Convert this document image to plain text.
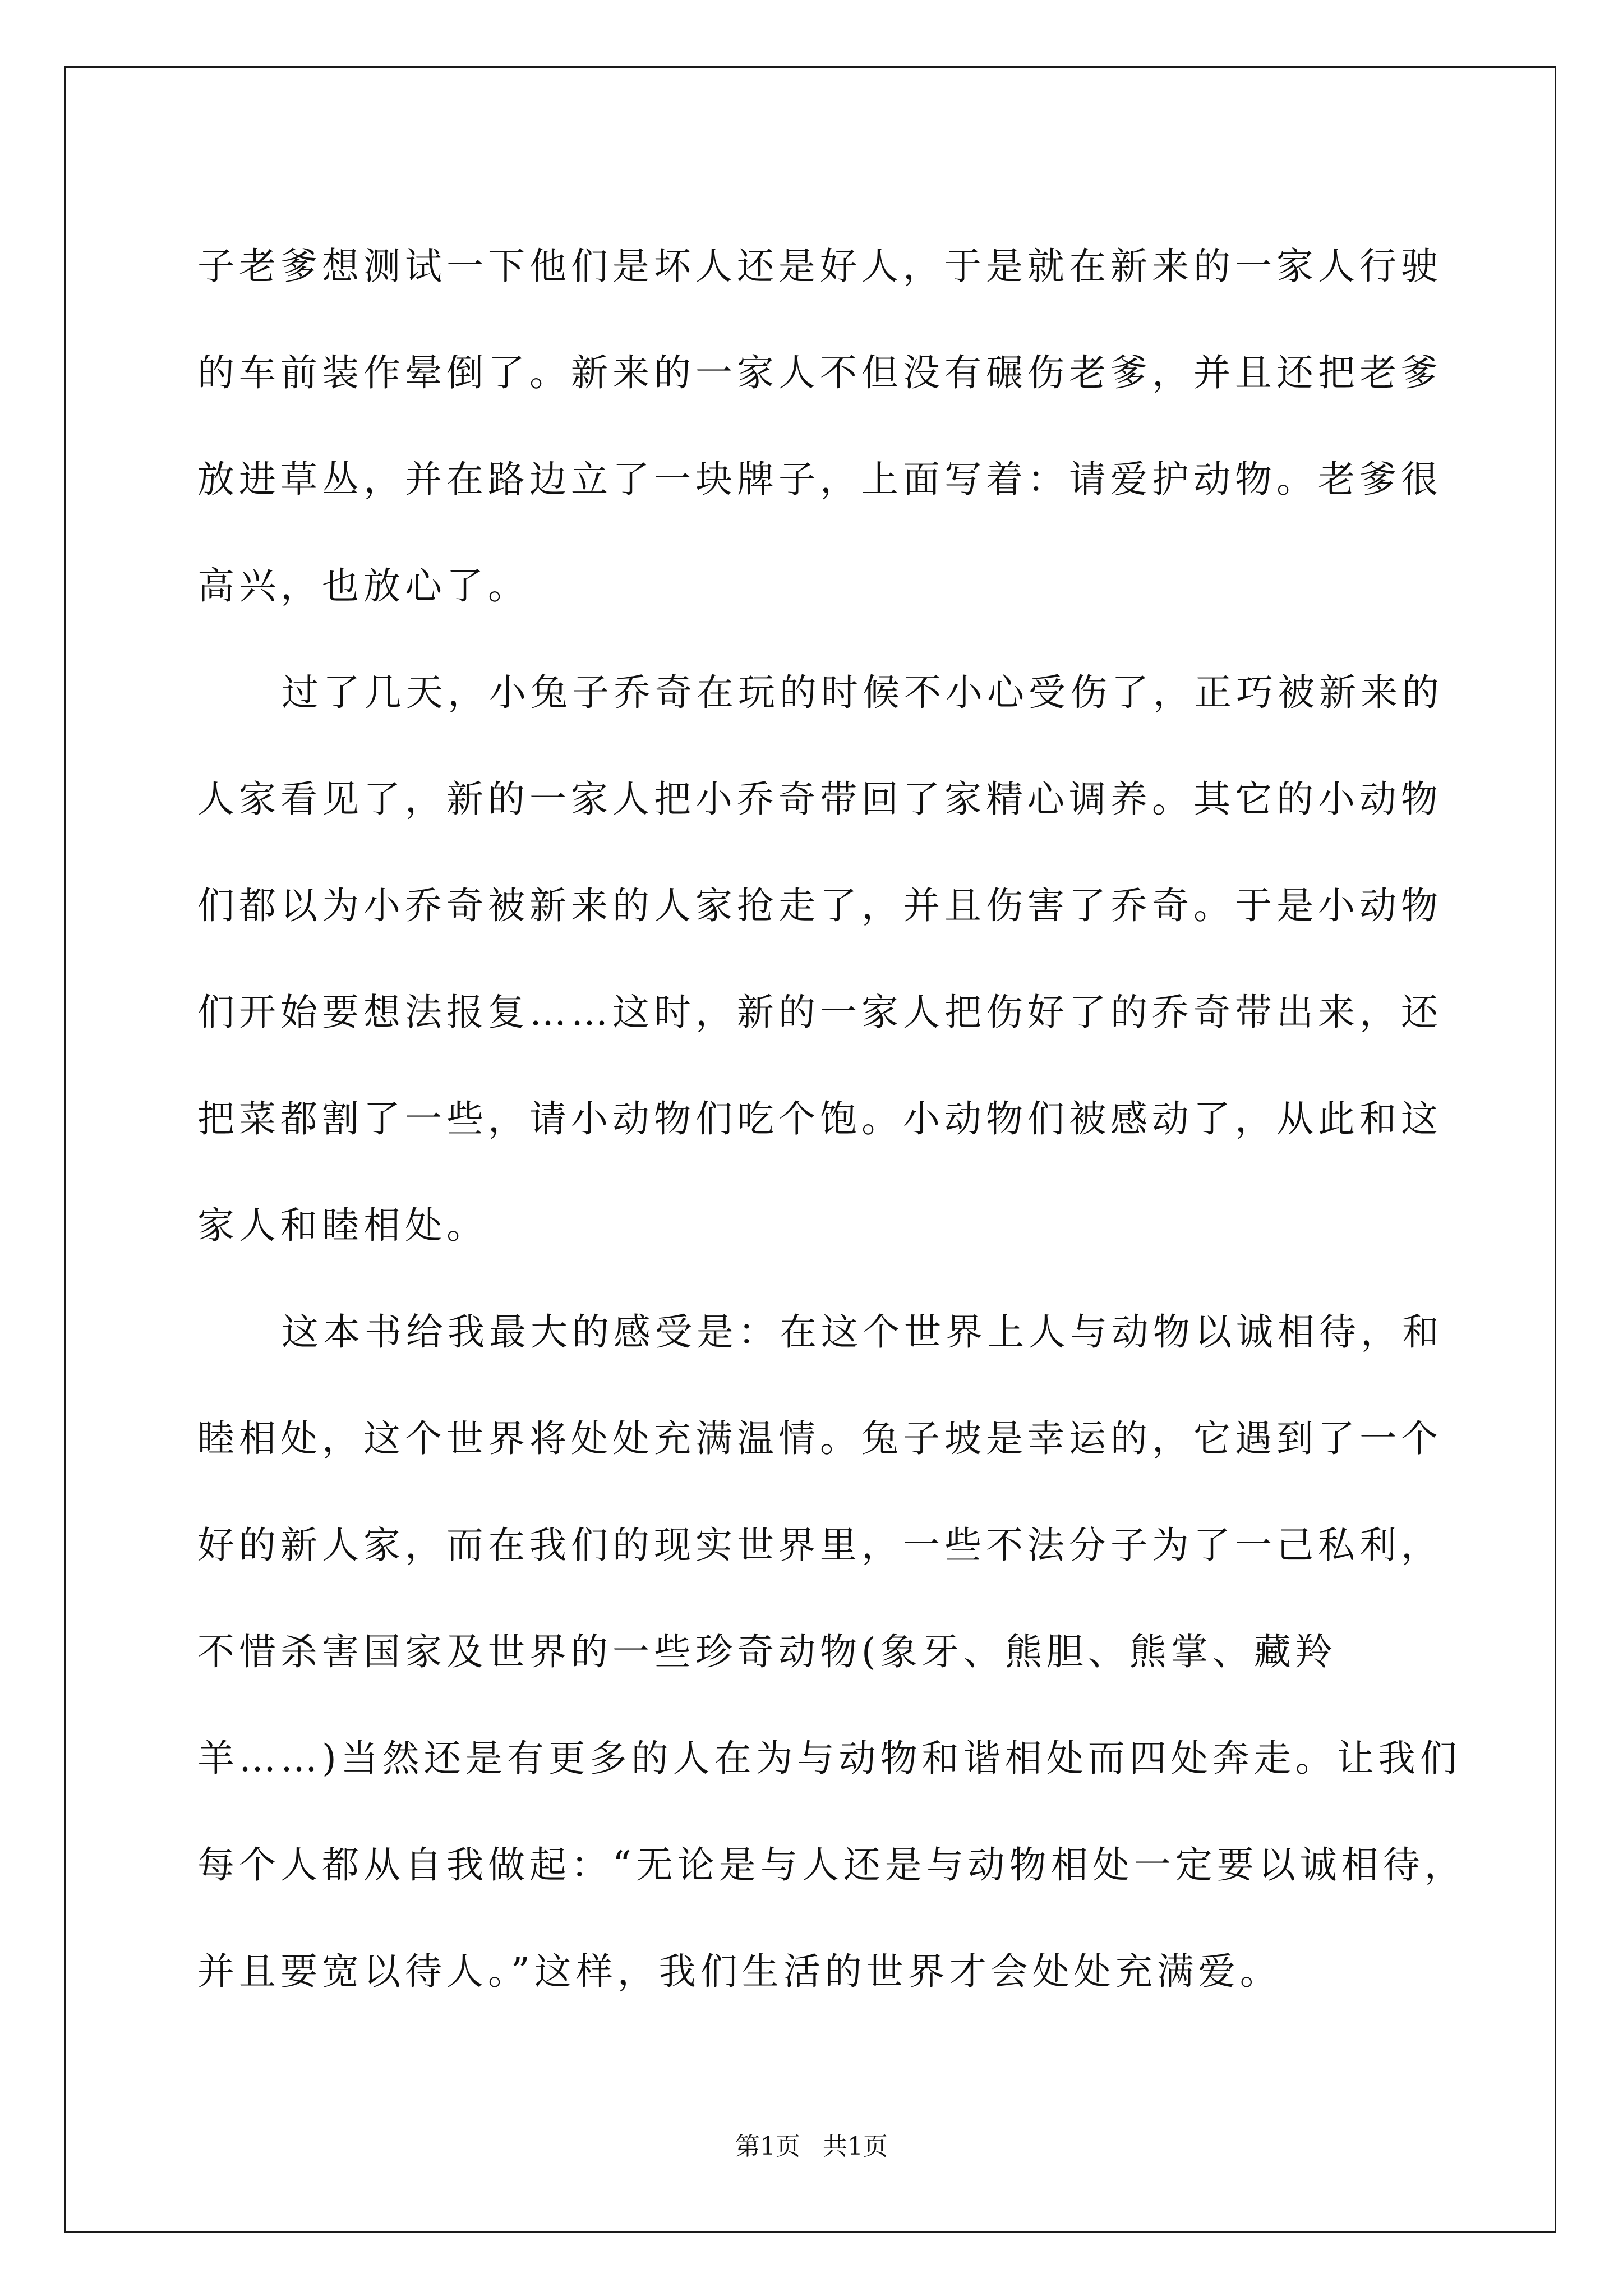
子老爹想测试一下他们是坏人还是好人，于是就在新来的一家人行驶
的车前装作晕倒了。新来的一家人不但没有碾伤老爹，并且还把老爹
放进草丛，并在路边立了一块牌子，上面写着：请爱护动物。老爹很
高兴，也放心了。
过了几天，小兔子乔奇在玩的时候不小心受伤了，正巧被新来的
人家看见了，新的一家人把小乔奇带回了家精心调养。其它的小动物
们都以为小乔奇被新来的人家抢走了，并且伤害了乔奇。于是小动物
们开始要想法报复……这时，新的一家人把伤好了的乔奇带出来，还
把菜都割了一些，请小动物们吃个饱。小动物们被感动了，从此和这
家人和睦相处。
这本书给我最大的感受是：在这个世界上人与动物以诚相待，和
睦相处，这个世界将处处充满温情。兔子坡是幸运的，它遇到了一个
好的新人家，而在我们的现实世界里，一些不法分子为了一己私利，
不惜杀害国家及世界的一些珍奇动物(象牙、熊胆、熊掌、藏羚
羊……)当然还是有更多的人在为与动物和谐相处而四处奔走。让我们
每个人都从自我做起：“无论是与人还是与动物相处一定要以诚相待，
并且要宽以待人。”这样，我们生活的世界才会处处充满爱。
第1页 共1页
